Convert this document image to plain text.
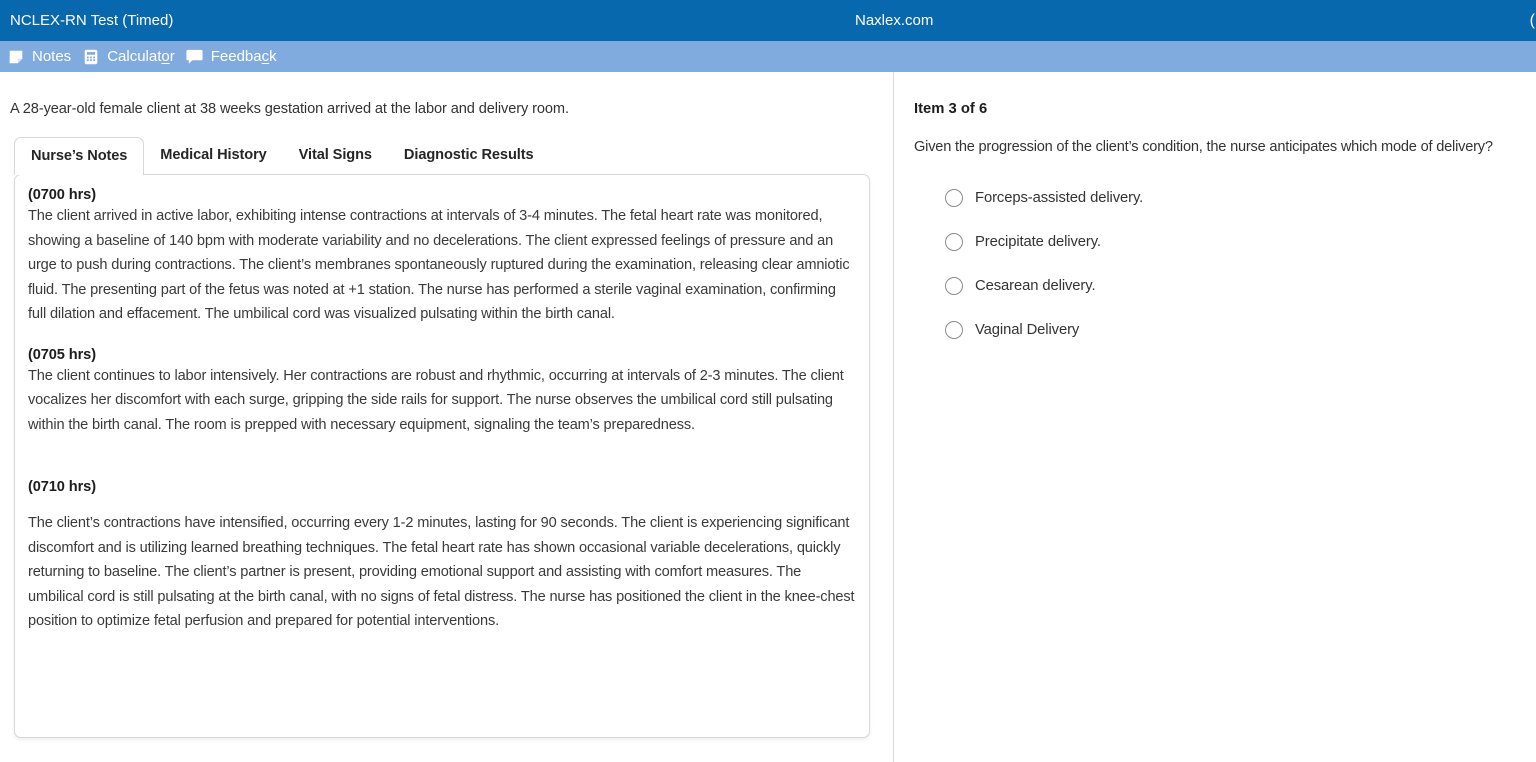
NCLEX-RN Test (Timed)	Naxlex.com	(
Notes Calculator Feedback
A 28-year-old female client at 38 weeks gestation arrived at the labor and delivery room.
Nurse’s Notes	Medical History	Vital Signs	Diagnostic Results
(0700 hrs)
The client arrived in active labor, exhibiting intense contractions at intervals of 3-4 minutes. The fetal heart rate was monitored, showing a baseline of 140 bpm with moderate variability and no decelerations. The client expressed feelings of pressure and an urge to push during contractions. The client’s membranes spontaneously ruptured during the examination, releasing clear amniotic fluid. The presenting part of the fetus was noted at +1 station. The nurse has performed a sterile vaginal examination, confirming full dilation and effacement. The umbilical cord was visualized pulsating within the birth canal.
(0705 hrs)
The client continues to labor intensively. Her contractions are robust and rhythmic, occurring at intervals of 2-3 minutes. The client vocalizes her discomfort with each surge, gripping the side rails for support. The nurse observes the umbilical cord still pulsating within the birth canal. The room is prepped with necessary equipment, signaling the team’s preparedness.
(0710 hrs)
The client’s contractions have intensified, occurring every 1-2 minutes, lasting for 90 seconds. The client is experiencing significant discomfort and is utilizing learned breathing techniques. The fetal heart rate has shown occasional variable decelerations, quickly returning to baseline. The client’s partner is present, providing emotional support and assisting with comfort measures. The umbilical cord is still pulsating at the birth canal, with no signs of fetal distress. The nurse has positioned the client in the knee-chest position to optimize fetal perfusion and prepared for potential interventions.
Item 3 of 6
Given the progression of the client’s condition, the nurse anticipates which mode of delivery?
Forceps-assisted delivery.
Precipitate delivery.
Cesarean delivery.
Vaginal Delivery
